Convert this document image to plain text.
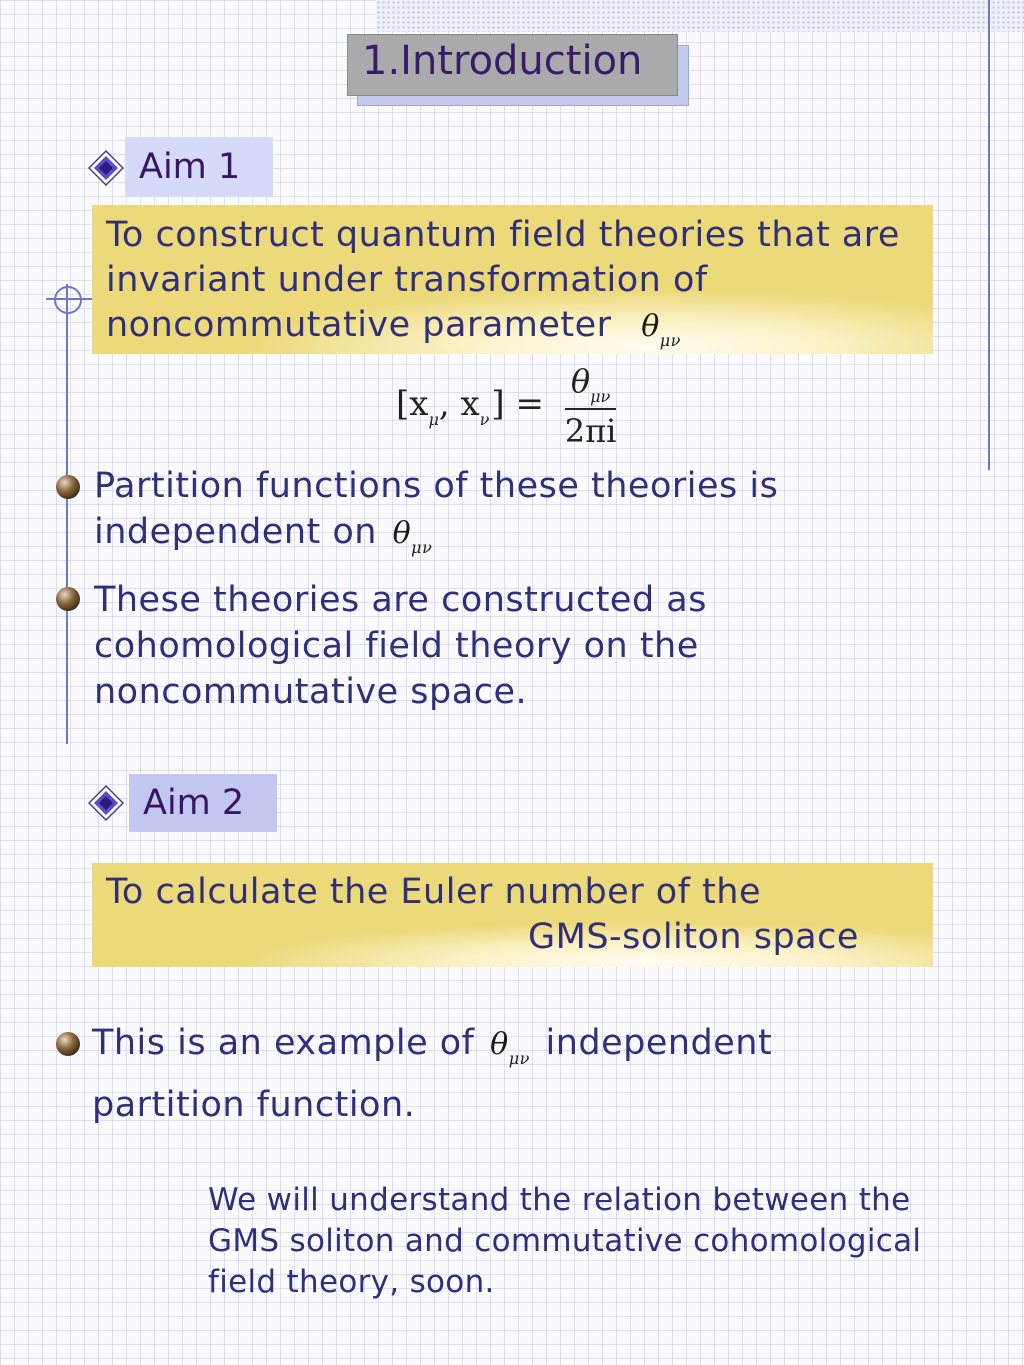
1.Introduction
Aim 1
To construct quantum field theories that are invariant under transformation of noncommutative parameter $\theta_{\mu\nu}$
[$x_\mu$, $x_\nu] = \frac{\theta_{\mu\nu}}{2\pi i}$
Partition functions of these theories is independent on $\theta_{\mu\nu}$
These theories are constructed as cohomological field theory on the noncommutative space.
Aim 2
To calculate the Euler number of the
GMS-soliton space
This is an example of $\theta_{\mu\nu}$ independent partition function.
We will understand the relation between the GMS soliton and commutative cohomological field theory, soon.
